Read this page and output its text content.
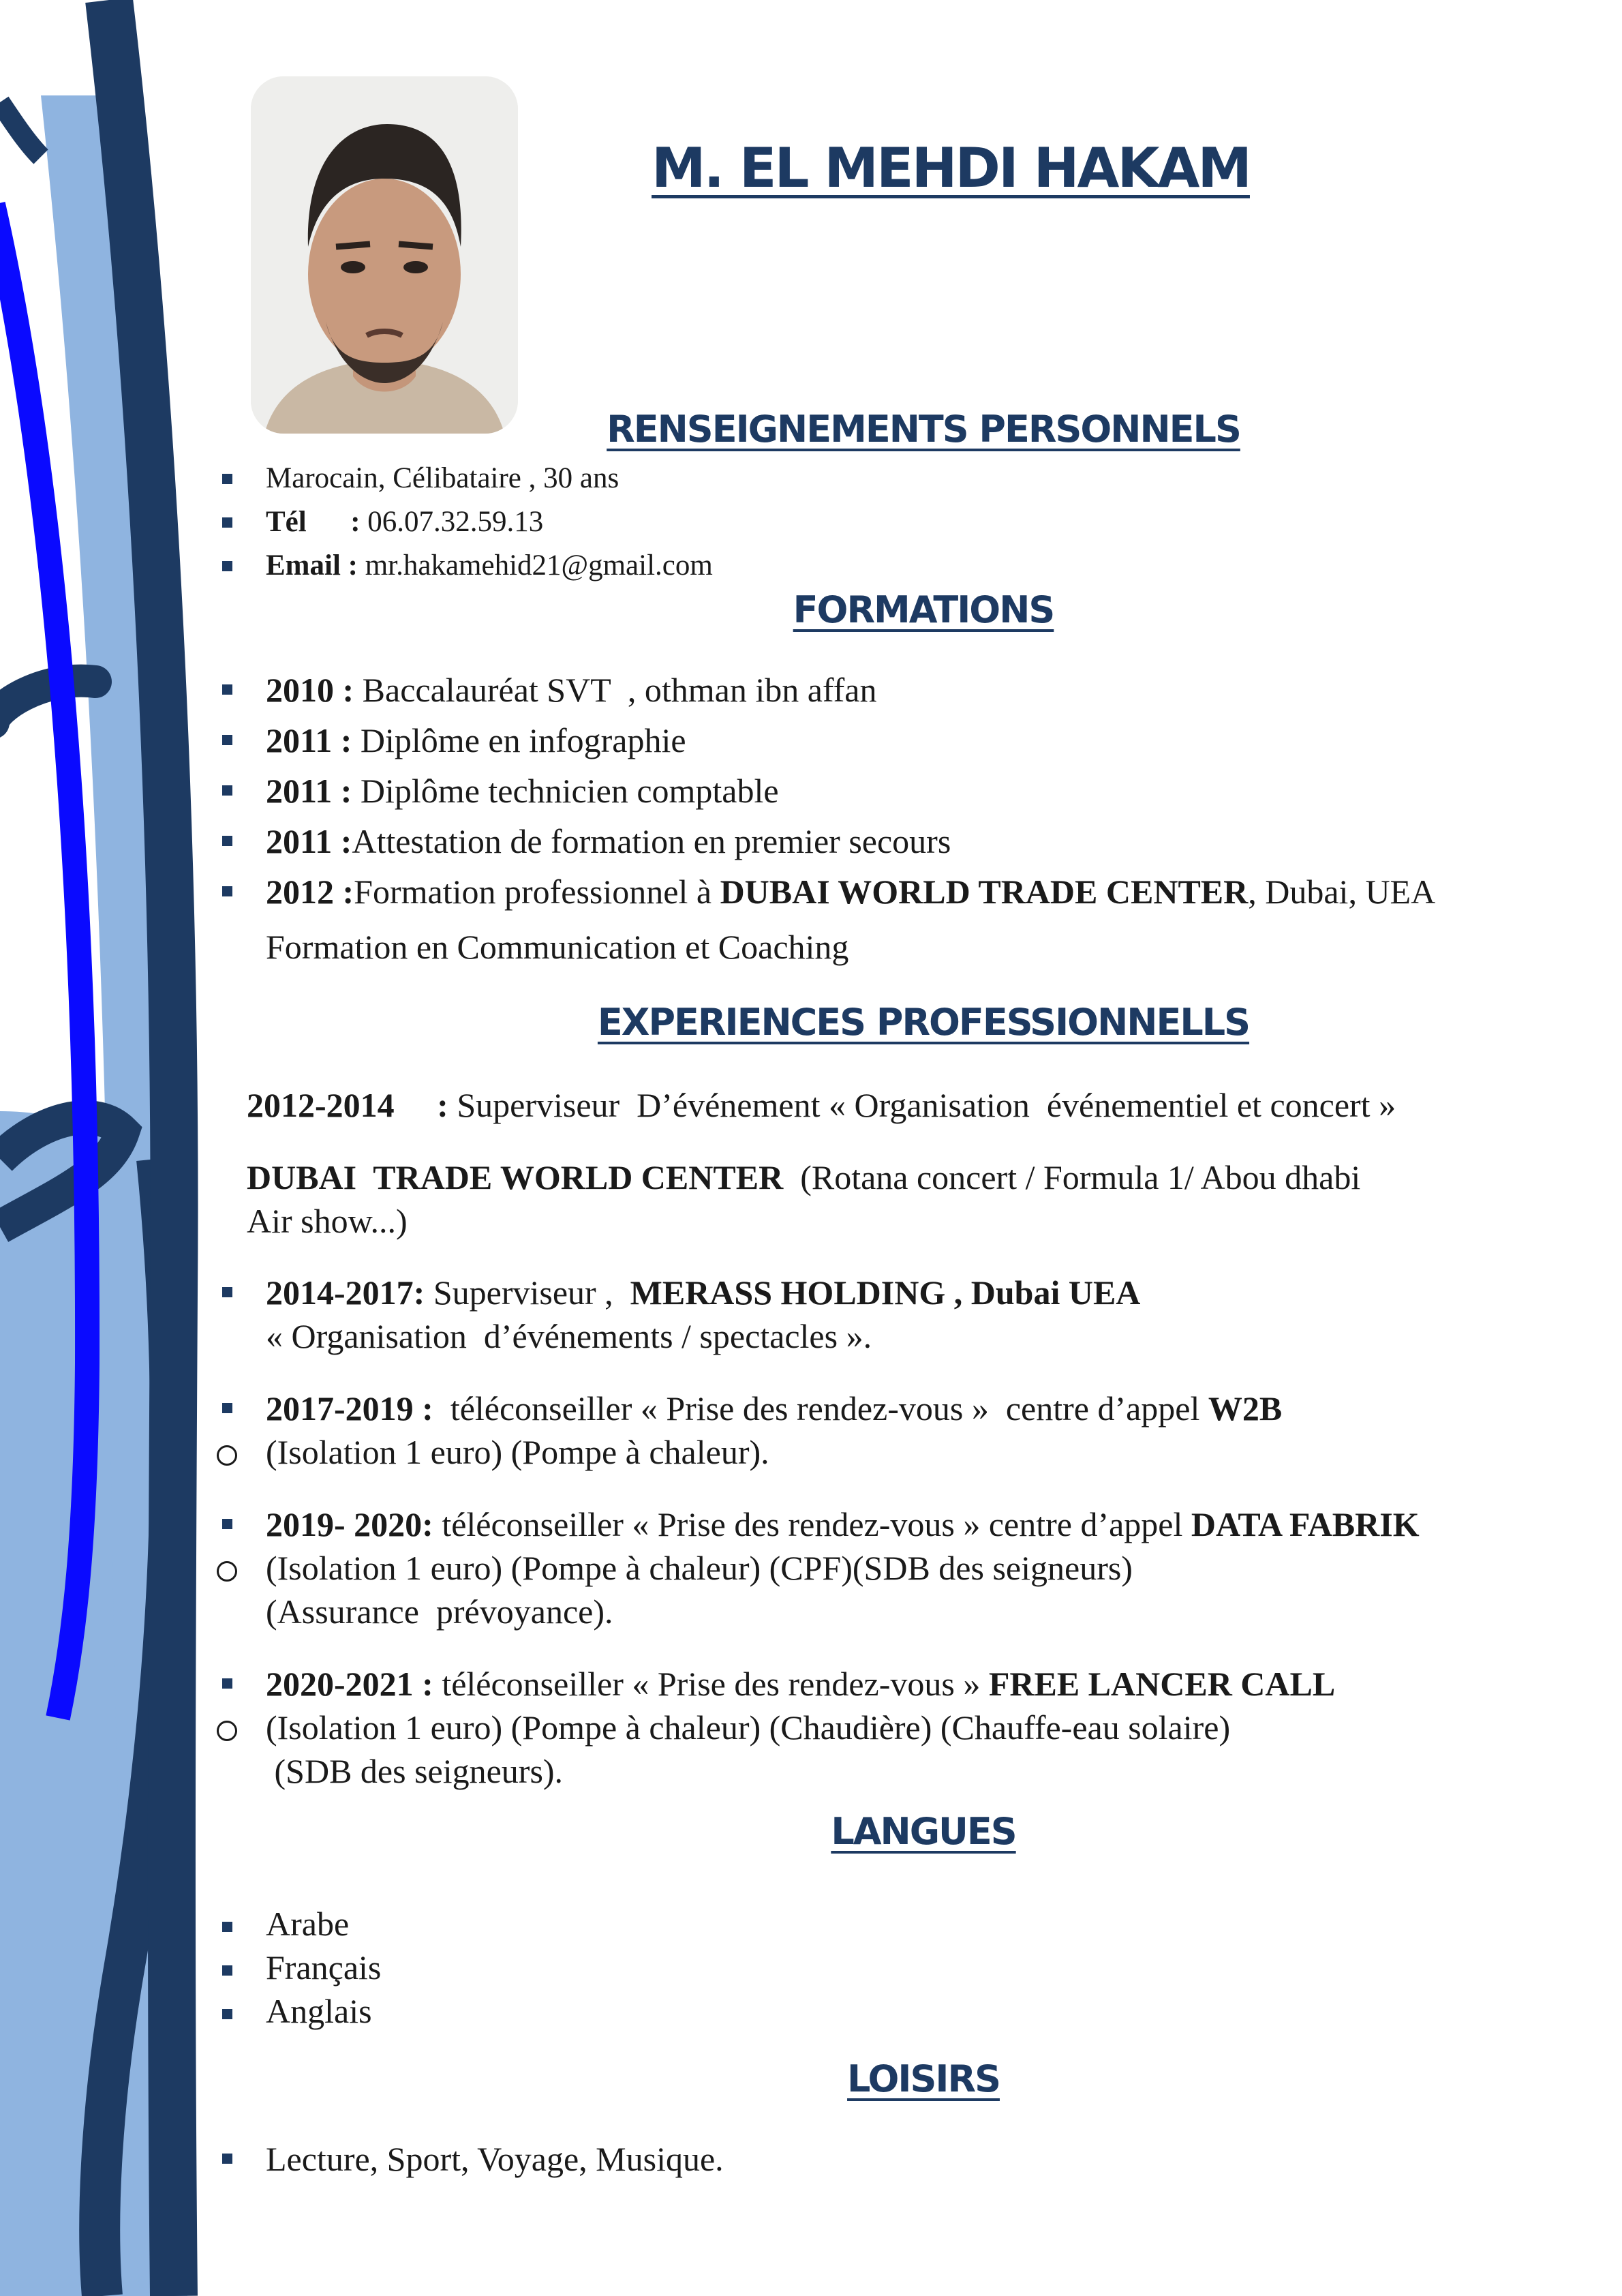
M. EL MEHDI HAKAM
RENSEIGNEMENTS PERSONNELS
Marocain, Célibataire , 30 ans
Tél      : 06.07.32.59.13
Email : mr.hakamehid21@gmail.com
FORMATIONS
2010 : Baccalauréat SVT  , othman ibn affan
2011 : Diplôme en infographie
2011 : Diplôme technicien comptable
2011 :Attestation de formation en premier secours
2012 :Formation professionnel à DUBAI WORLD TRADE CENTER, Dubai, UEA
Formation en Communication et Coaching
EXPERIENCES PROFESSIONNELLS
2012-2014     : Superviseur  D’événement « Organisation  événementiel et concert »
DUBAI  TRADE WORLD CENTER  (Rotana concert / Formula 1/ Abou dhabi
Air show...)
2014-2017: Superviseur ,  MERASS HOLDING , Dubai UEA
« Organisation  d’événements / spectacles ».
2017-2019 :  téléconseiller « Prise des rendez-vous »  centre d’appel W2B
(Isolation 1 euro) (Pompe à chaleur).
2019- 2020: téléconseiller « Prise des rendez-vous » centre d’appel DATA FABRIK
(Isolation 1 euro) (Pompe à chaleur) (CPF)(SDB des seigneurs)
(Assurance  prévoyance).
2020-2021 : téléconseiller « Prise des rendez-vous » FREE LANCER CALL
(Isolation 1 euro) (Pompe à chaleur) (Chaudière) (Chauffe-eau solaire)
(SDB des seigneurs).
LANGUES
Arabe
Français
Anglais
LOISIRS
Lecture, Sport, Voyage, Musique.
